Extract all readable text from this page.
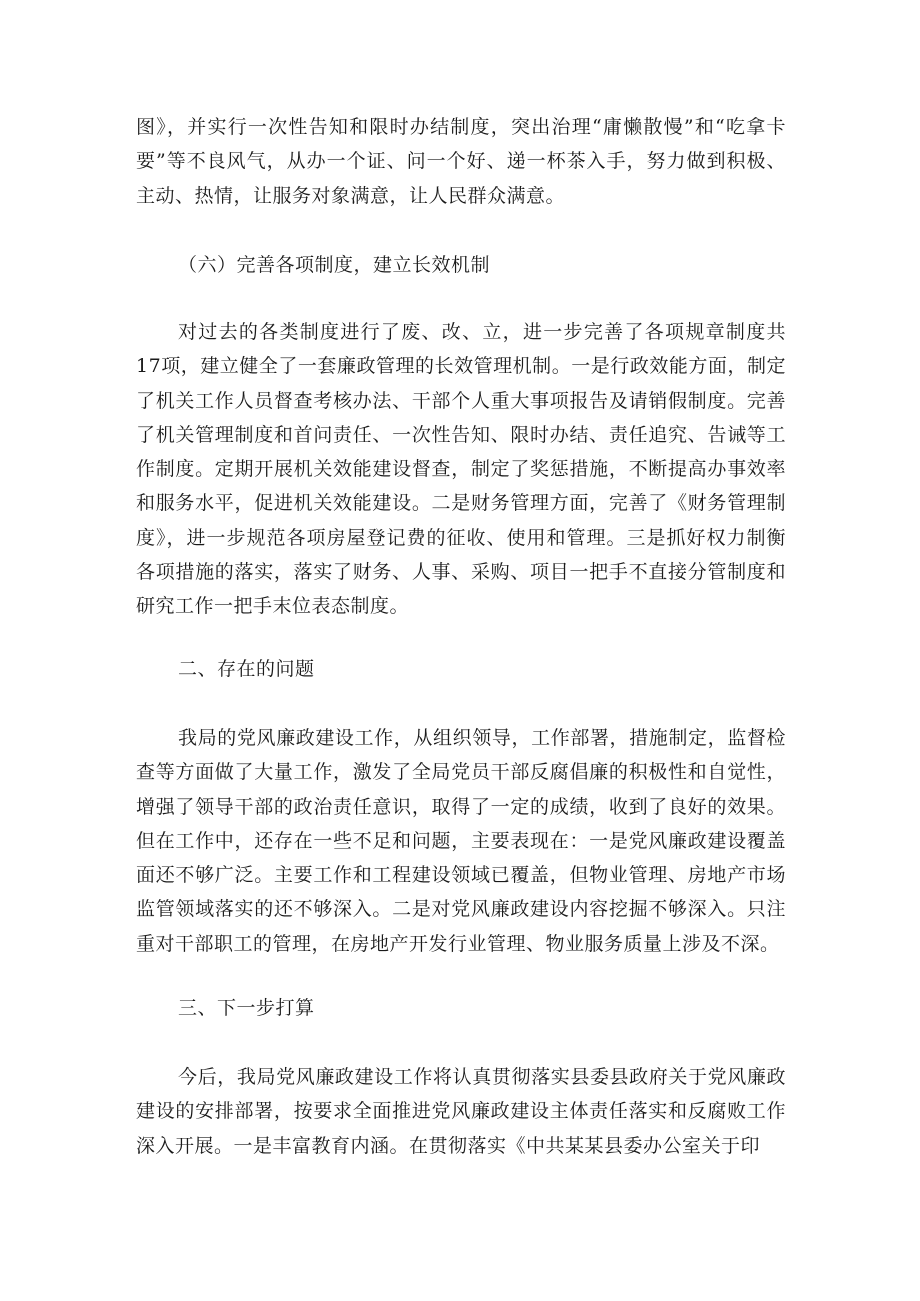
图》，并实行一次性告知和限时办结制度，突出治理“庸懒散慢”和“吃拿卡要”等不良风气，从办一个证、问一个好、递一杯茶入手，努力做到积极、主动、热情，让服务对象满意，让人民群众满意。

（六）完善各项制度，建立长效机制

对过去的各类制度进行了废、改、立，进一步完善了各项规章制度共17项，建立健全了一套廉政管理的长效管理机制。一是行政效能方面，制定了机关工作人员督查考核办法、干部个人重大事项报告及请销假制度。完善了机关管理制度和首问责任、一次性告知、限时办结、责任追究、告诫等工作制度。定期开展机关效能建设督查，制定了奖惩措施，不断提高办事效率和服务水平，促进机关效能建设。二是财务管理方面，完善了《财务管理制度》，进一步规范各项房屋登记费的征收、使用和管理。三是抓好权力制衡各项措施的落实，落实了财务、人事、采购、项目一把手不直接分管制度和研究工作一把手末位表态制度。

二、存在的问题

我局的党风廉政建设工作，从组织领导，工作部署，措施制定，监督检查等方面做了大量工作，激发了全局党员干部反腐倡廉的积极性和自觉性，增强了领导干部的政治责任意识，取得了一定的成绩，收到了良好的效果。但在工作中，还存在一些不足和问题，主要表现在：一是党风廉政建设覆盖面还不够广泛。主要工作和工程建设领域已覆盖，但物业管理、房地产市场监管领域落实的还不够深入。二是对党风廉政建设内容挖掘不够深入。只注重对干部职工的管理，在房地产开发行业管理、物业服务质量上涉及不深。

三、下一步打算

今后，我局党风廉政建设工作将认真贯彻落实县委县政府关于党风廉政建设的安排部署，按要求全面推进党风廉政建设主体责任落实和反腐败工作深入开展。一是丰富教育内涵。在贯彻落实《中共某某县委办公室关于印
